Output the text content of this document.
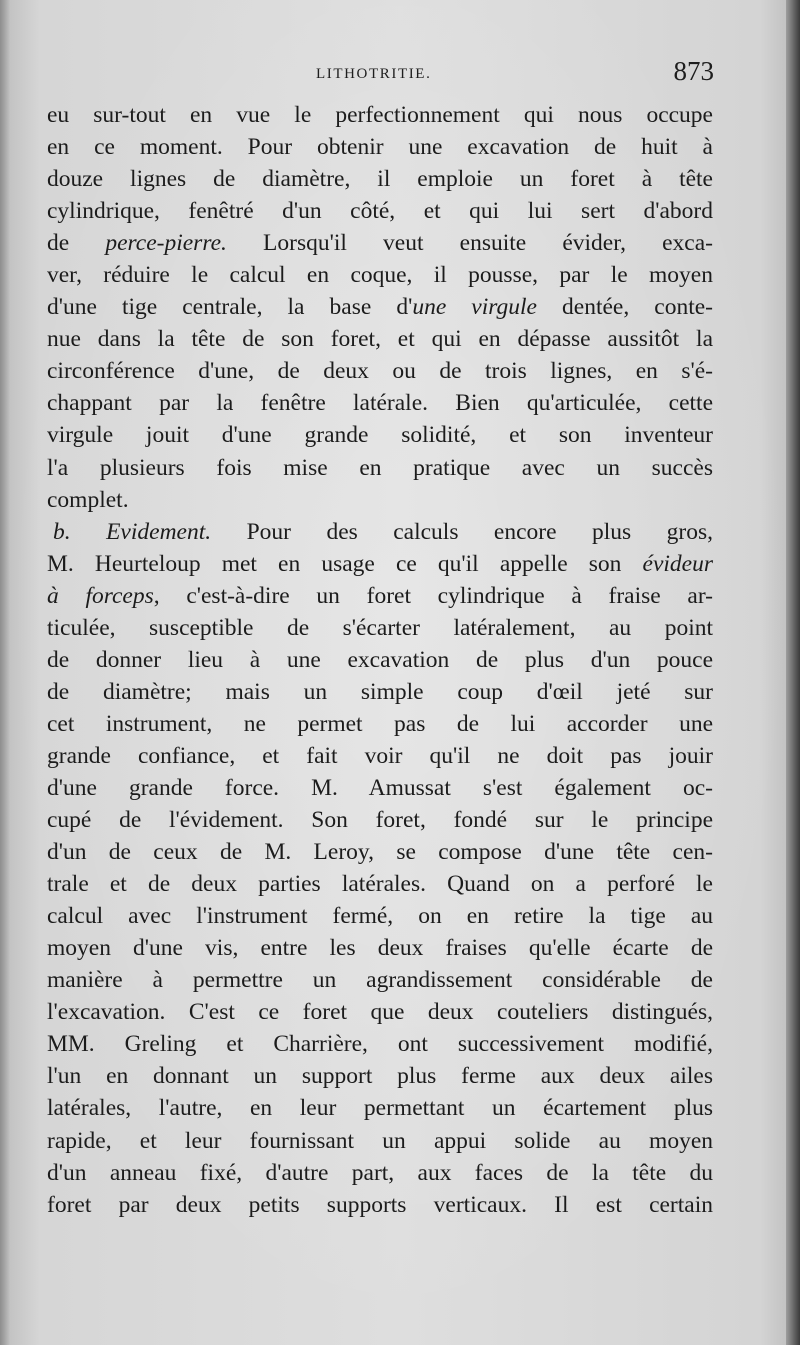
LITHOTRITIE.	873
eu sur-tout en vue le perfectionnement qui nous occupe
en ce moment. Pour obtenir une excavation de huit à
douze lignes de diamètre, il emploie un foret à tête
cylindrique, fenêtré d'un côté, et qui lui sert d'abord
de perce-pierre. Lorsqu'il veut ensuite évider, exca-
ver, réduire le calcul en coque, il pousse, par le moyen
d'une tige centrale, la base d'une virgule dentée, conte-
nue dans la tête de son foret, et qui en dépasse aussitôt la
circonférence d'une, de deux ou de trois lignes, en s'é-
chappant par la fenêtre latérale. Bien qu'articulée, cette
virgule jouit d'une grande solidité, et son inventeur
l'a plusieurs fois mise en pratique avec un succès
complet.
b. Evidement. Pour des calculs encore plus gros,
M. Heurteloup met en usage ce qu'il appelle son évideur
à forceps, c'est-à-dire un foret cylindrique à fraise ar-
ticulée, susceptible de s'écarter latéralement, au point
de donner lieu à une excavation de plus d'un pouce
de diamètre; mais un simple coup d'œil jeté sur
cet instrument, ne permet pas de lui accorder une
grande confiance, et fait voir qu'il ne doit pas jouir
d'une grande force. M. Amussat s'est également oc-
cupé de l'évidement. Son foret, fondé sur le principe
d'un de ceux de M. Leroy, se compose d'une tête cen-
trale et de deux parties latérales. Quand on a perforé le
calcul avec l'instrument fermé, on en retire la tige au
moyen d'une vis, entre les deux fraises qu'elle écarte de
manière à permettre un agrandissement considérable de
l'excavation. C'est ce foret que deux couteliers distingués,
MM. Greling et Charrière, ont successivement modifié,
l'un en donnant un support plus ferme aux deux ailes
latérales, l'autre, en leur permettant un écartement plus
rapide, et leur fournissant un appui solide au moyen
d'un anneau fixé, d'autre part, aux faces de la tête du
foret par deux petits supports verticaux. Il est certain
